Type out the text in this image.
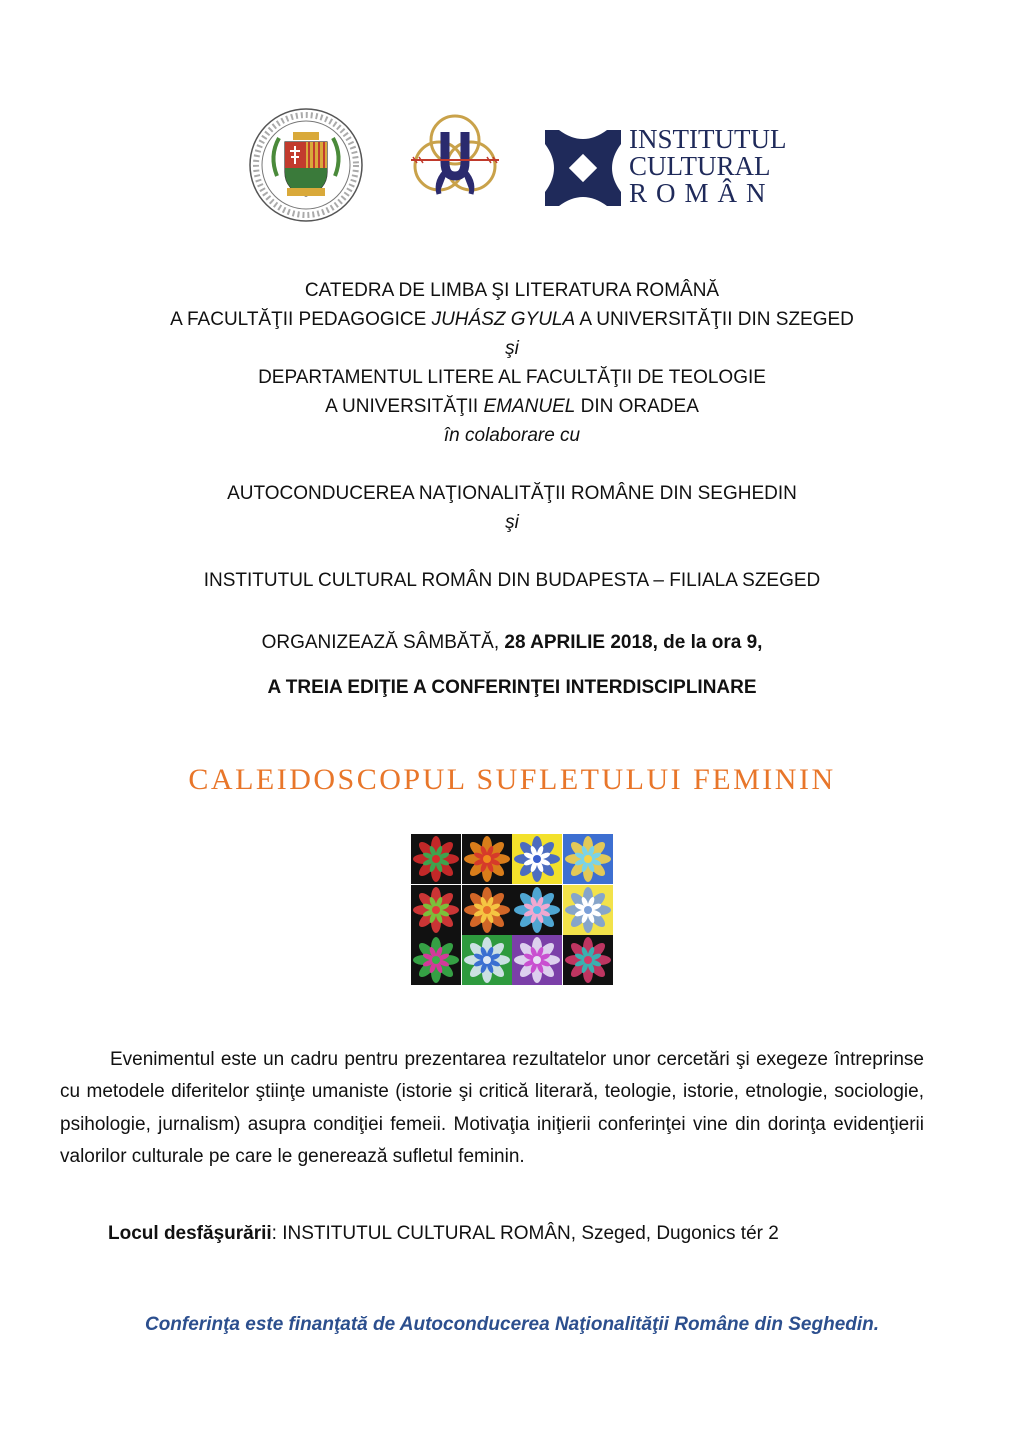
INSTITUTUL
CULTURAL
ROMÂN
CATEDRA DE LIMBA ŞI LITERATURA ROMÂNĂ
A FACULTĂŢII PEDAGOGICE JUHÁSZ GYULA A UNIVERSITĂŢII DIN SZEGED
şi
DEPARTAMENTUL LITERE AL FACULTĂŢII DE TEOLOGIE
A UNIVERSITĂŢII EMANUEL DIN ORADEA
în colaborare cu
AUTOCONDUCEREA NAŢIONALITĂŢII ROMÂNE DIN SEGHEDIN
şi
INSTITUTUL CULTURAL ROMÂN DIN BUDAPESTA – FILIALA SZEGED
ORGANIZEAZĂ SÂMBĂTĂ, 28 APRILIE 2018, de la ora 9,
A TREIA EDIŢIE A CONFERINŢEI INTERDISCIPLINARE
CALEIDOSCOPUL SUFLETULUI FEMININ

Evenimentul este un cadru pentru prezentarea rezultatelor unor cercetări şi exegeze întreprinse cu metodele diferitelor ştiinţe umaniste (istorie şi critică literară, teologie, istorie, etnologie, sociologie, psihologie, jurnalism) asupra condiţiei femeii. Motivaţia iniţierii conferinţei vine din dorinţa evidenţierii valorilor culturale pe care le generează sufletul feminin.

Locul desfăşurării: INSTITUTUL CULTURAL ROMÂN, Szeged, Dugonics tér 2
Conferinţa este finanţată de Autoconducerea Naţionalităţii Române din Seghedin.
